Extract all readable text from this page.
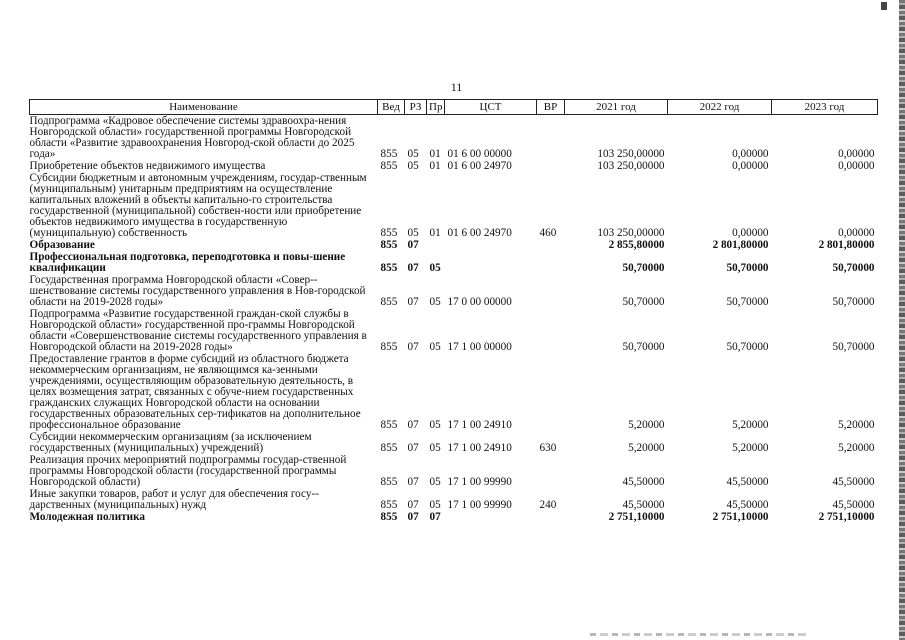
11
Наименование	Вед	РЗ	Пр	ЦСТ	ВР	2021 год	2022 год	2023 год
Подпрограмма «Кадровое обеспечение системы здравоохра-нения Новгородской области» государственной программы Новгородской области «Развитие здравоохранения Новгород-ской области до 2025 года»	855	05	01	01 6 00 00000		103 250,00000	0,00000	0,00000
Приобретение объектов недвижимого имущества	855	05	01	01 6 00 24970		103 250,00000	0,00000	0,00000
Субсидии бюджетным и автономным учреждениям, государ-ственным (муниципальным) унитарным предприятиям на осуществление капитальных вложений в объекты капитально-го строительства государственной (муниципальной) собствен-ности или приобретение объектов недвижимого имущества в государственную (муниципальную) собственность	855	05	01	01 6 00 24970	460	103 250,00000	0,00000	0,00000
Образование	855	07				2 855,80000	2 801,80000	2 801,80000
Профессиональная подготовка, переподготовка и повы-шение квалификации	855	07	05			50,70000	50,70000	50,70000
Государственная программа Новгородской области «Совер-шенствование системы государственного управления в Нов-городской области на 2019-2028 годы»	855	07	05	17 0 00 00000		50,70000	50,70000	50,70000
Подпрограмма «Развитие государственной граждан-ской службы в Новгородской области» государственной про-граммы Новгородской области «Совершенствование системы государственного управления в Новгородской области на 2019-2028 годы»	855	07	05	17 1 00 00000		50,70000	50,70000	50,70000
Предоставление грантов в форме субсидий из областного бюджета некоммерческим организациям, не являющимся ка-зенными учреждениями, осуществляющим образовательную деятельность, в целях возмещения затрат, связанных с обуче-нием государственных гражданских служащих Новгородской области на основании государственных образовательных сер-тификатов на дополнительное профессиональное образование	855	07	05	17 1 00 24910		5,20000	5,20000	5,20000
Субсидии некоммерческим организациям (за исключением государственных (муниципальных) учреждений)	855	07	05	17 1 00 24910	630	5,20000	5,20000	5,20000
Реализация прочих мероприятий подпрограммы государ-ственной программы Новгородской области (государственной программы Новгородской области)	855	07	05	17 1 00 99990		45,50000	45,50000	45,50000
Иные закупки товаров, работ и услуг для обеспечения госу-дарственных (муниципальных) нужд	855	07	05	17 1 00 99990	240	45,50000	45,50000	45,50000
Молодежная политика	855	07	07			2 751,10000	2 751,10000	2 751,10000
